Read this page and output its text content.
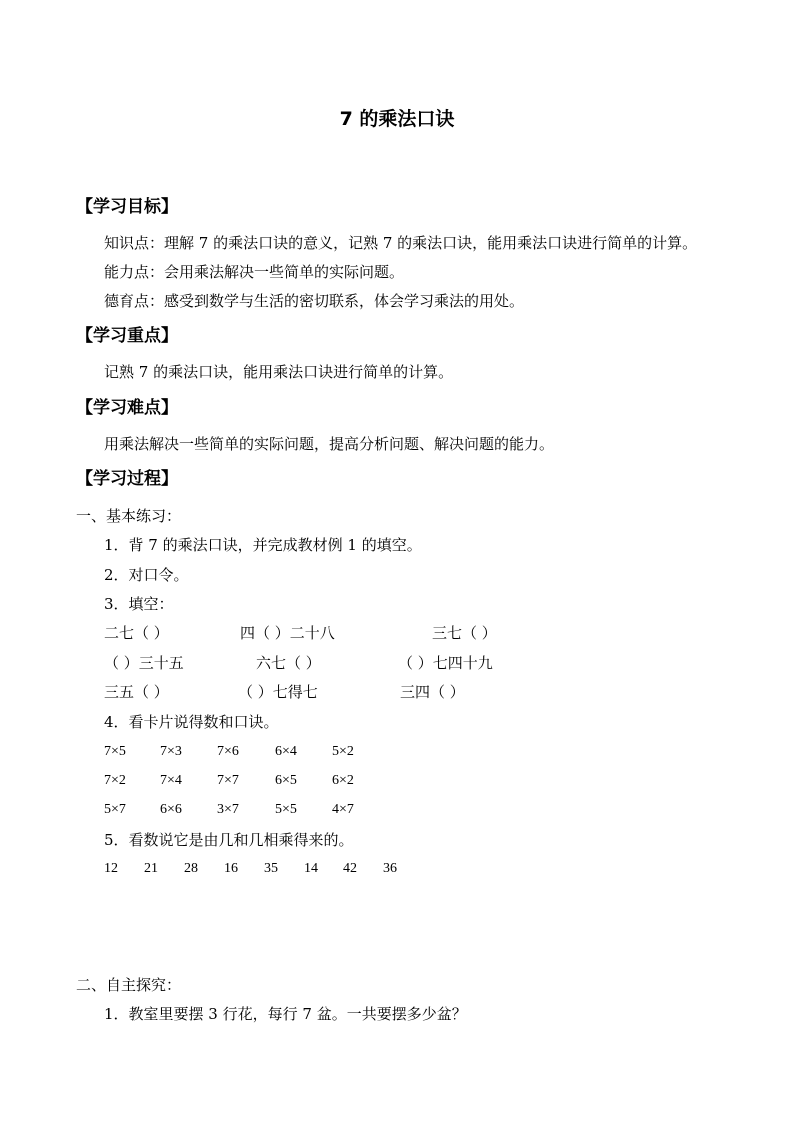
7 的乘法口诀
【学习目标】
知识点：理解 7 的乘法口诀的意义，记熟 7 的乘法口诀，能用乘法口诀进行简单的计算。
能力点：会用乘法解决一些简单的实际问题。
德育点：感受到数学与生活的密切联系，体会学习乘法的用处。
【学习重点】
记熟 7 的乘法口诀，能用乘法口诀进行简单的计算。
【学习难点】
用乘法解决一些简单的实际问题，提高分析问题、解决问题的能力。
【学习过程】
一、基本练习：
1．背 7 的乘法口诀，并完成教材例 1 的填空。
2．对口令。
3．填空：
二七（ ）	四（ ）二十八	三七（ ）
（ ）三十五	六七（ ）	（ ）七四十九
三五（ ）	（ ）七得七	三四（ ）
4．看卡片说得数和口诀。
7×5 7×3	7×6	6×4	5×2
7×2 7×4	7×7	6×5	6×2
5×7 6×6	3×7	5×5	4×7
5．看数说它是由几和几相乘得来的。
12 21 28 16 35 14 42 36
二、自主探究：
1．教室里要摆 3 行花，每行 7 盆。一共要摆多少盆？
